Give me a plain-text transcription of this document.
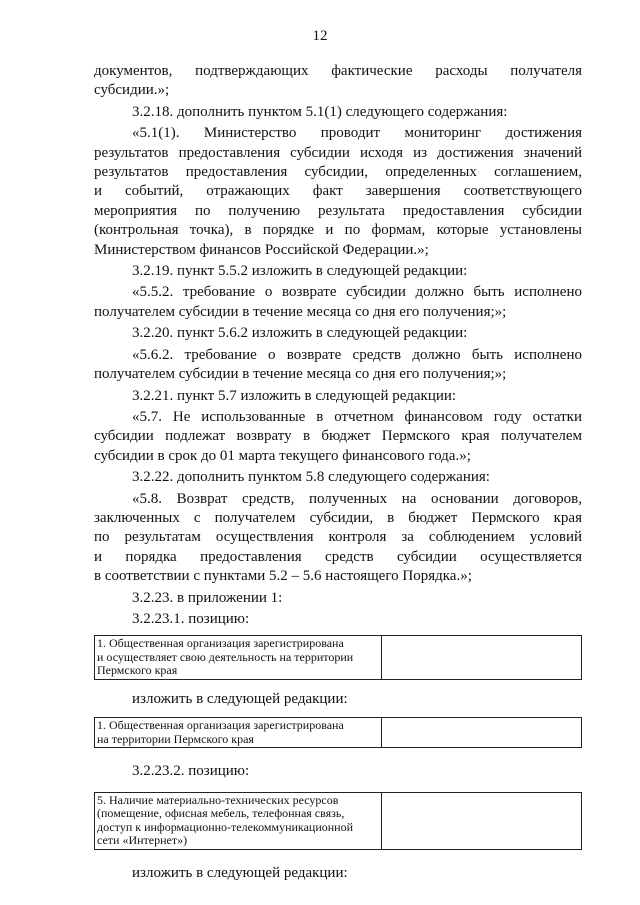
12
документов, подтверждающих фактические расходы получателя
субсидии.»;
3.2.18. дополнить пунктом 5.1(1) следующего содержания:
«5.1(1). Министерство проводит мониторинг достижения
результатов предоставления субсидии исходя из достижения значений
результатов предоставления субсидии, определенных соглашением,
и событий, отражающих факт завершения соответствующего
мероприятия по получению результата предоставления субсидии
(контрольная точка), в порядке и по формам, которые установлены
Министерством финансов Российской Федерации.»;
3.2.19. пункт 5.5.2 изложить в следующей редакции:
«5.5.2. требование о возврате субсидии должно быть исполнено
получателем субсидии в течение месяца со дня его получения;»;
3.2.20. пункт 5.6.2 изложить в следующей редакции:
«5.6.2. требование о возврате средств должно быть исполнено
получателем субсидии в течение месяца со дня его получения;»;
3.2.21. пункт 5.7 изложить в следующей редакции:
«5.7. Не использованные в отчетном финансовом году остатки
субсидии подлежат возврату в бюджет Пермского края получателем
субсидии в срок до 01 марта текущего финансового года.»;
3.2.22. дополнить пунктом 5.8 следующего содержания:
«5.8. Возврат средств, полученных на основании договоров,
заключенных с получателем субсидии, в бюджет Пермского края
по результатам осуществления контроля за соблюдением условий
и порядка предоставления средств субсидии осуществляется
в соответствии с пунктами 5.2 – 5.6 настоящего Порядка.»;
3.2.23. в приложении 1:
3.2.23.1. позицию:
1. Общественная организация зарегистрирована
и осуществляет свою деятельность на территории
Пермского края

изложить в следующей редакции:
1. Общественная организация зарегистрирована
на территории Пермского края

3.2.23.2. позицию:
5. Наличие материально-технических ресурсов
(помещение, офисная мебель, телефонная связь,
доступ к информационно-телекоммуникационной
сети «Интернет»)

изложить в следующей редакции:
